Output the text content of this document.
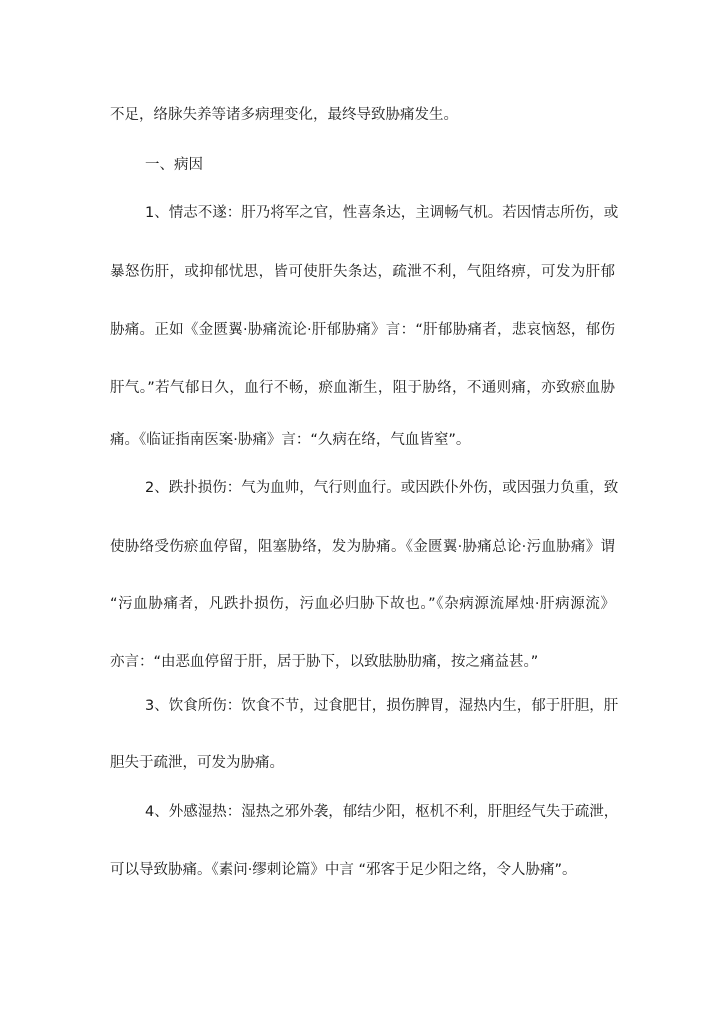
不足，络脉失养等诸多病理变化，最终导致胁痛发生。
一、病因
1、情志不遂：肝乃将军之官，性喜条达，主调畅气机。若因情志所伤，或
暴怒伤肝，或抑郁忧思，皆可使肝失条达，疏泄不利，气阻络痹，可发为肝郁
胁痛。正如《金匮翼·胁痛流论·肝郁胁痛》言：“肝郁胁痛者，悲哀恼怒，郁伤
肝气。”若气郁日久，血行不畅，瘀血渐生，阻于胁络，不通则痛，亦致瘀血胁
痛。《临证指南医案·胁痛》言：“久病在络，气血皆窒”。
2、跌扑损伤：气为血帅，气行则血行。或因跌仆外伤，或因强力负重，致
使胁络受伤瘀血停留，阻塞胁络，发为胁痛。《金匮翼·胁痛总论·污血胁痛》谓
“污血胁痛者，凡跌扑损伤，污血必归胁下故也。”《杂病源流犀烛·肝病源流》
亦言：“由恶血停留于肝，居于胁下，以致胠胁肋痛，按之痛益甚。”
3、饮食所伤：饮食不节，过食肥甘，损伤脾胃，湿热内生，郁于肝胆，肝
胆失于疏泄，可发为胁痛。
4、外感湿热：湿热之邪外袭，郁结少阳，枢机不利，肝胆经气失于疏泄，
可以导致胁痛。《素问·缪刺论篇》中言 “邪客于足少阳之络，令人胁痛”。
